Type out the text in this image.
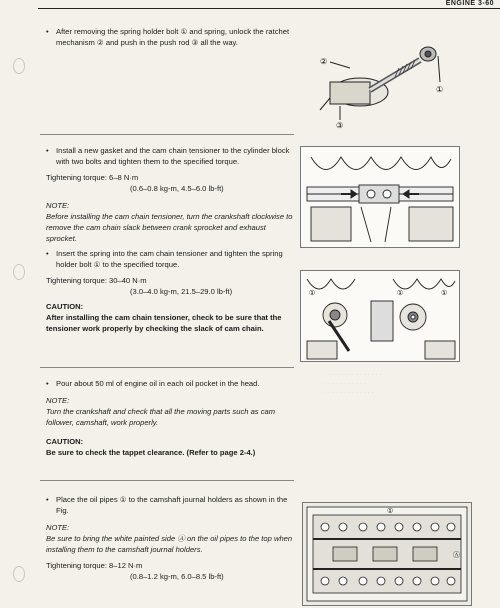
ENGINE 3-60
• After removing the spring holder bolt ① and spring, unlock the ratchet mechanism ② and push in the push rod ③ all the way.
• Install a new gasket and the cam chain tensioner to the cylinder block with two bolts and tighten them to the specified torque.
Tightening torque: 6–8 N·m
(0.6–0.8 kg-m, 4.5–6.0 lb-ft)
NOTE:
Before installing the cam chain tensioner, turn the crankshaft clockwise to remove the cam chain slack between crank sprocket and exhaust sprocket.
• Insert the spring into the cam chain tensioner and tighten the spring holder bolt ① to the specified torque.
Tightening torque: 30–40 N·m
(3.0–4.0 kg-m, 21.5–29.0 lb-ft)
CAUTION:
After installing the cam chain tensioner, check to be sure that the tensioner work properly by checking the slack of cam chain.
• Pour about 50 ml of engine oil in each oil pocket in the head.
NOTE:
Turn the crankshaft and check that all the moving parts such as cam follower, camshaft, work properly.
CAUTION:
Be sure to check the tappet clearance. (Refer to page 2-4.)
• Place the oil pipes ① to the camshaft journal holders as shown in the Fig.
NOTE:
Be sure to bring the white painted side Ⓐ on the oil pipes to the top when installing them to the camshaft journal holders.
Tightening torque: 8–12 N·m
(0.8–1.2 kg-m, 6.0–8.5 lb-ft)
②
①
③
①	①	①
· · · · · · · · · · · · · · ·
· · · · · · · · · · ·
· · · · · · · · · · · · ·
①
Ⓐ
